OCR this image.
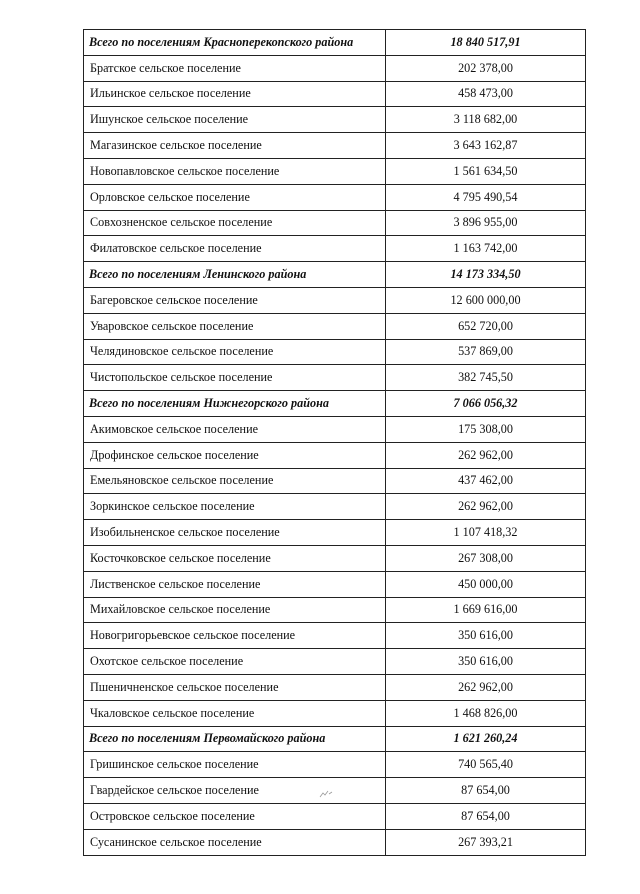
Всего по поселениям Красноперекопского района	18 840 517,91
Братское сельское поселение	202 378,00
Ильинское сельское поселение	458 473,00
Ишунское сельское поселение	3 118 682,00
Магазинское сельское поселение	3 643 162,87
Новопавловское сельское поселение	1 561 634,50
Орловское сельское поселение	4 795 490,54
Совхозненское сельское поселение	3 896 955,00
Филатовское сельское поселение	1 163 742,00
Всего по поселениям Ленинского района	14 173 334,50
Багеровское сельское поселение	12 600 000,00
Уваровское сельское поселение	652 720,00
Челядиновское сельское поселение	537 869,00
Чистопольское сельское поселение	382 745,50
Всего по поселениям Нижнегорского района	7 066 056,32
Акимовское сельское поселение	175 308,00
Дрофинское сельское поселение	262 962,00
Емельяновское сельское поселение	437 462,00
Зоркинское сельское поселение	262 962,00
Изобильненское сельское поселение	1 107 418,32
Косточковское сельское поселение	267 308,00
Лиственское сельское поселение	450 000,00
Михайловское сельское поселение	1 669 616,00
Новогригорьевское сельское поселение	350 616,00
Охотское сельское поселение	350 616,00
Пшеничненское сельское поселение	262 962,00
Чкаловское сельское поселение	1 468 826,00
Всего по поселениям Первомайского района	1 621 260,24
Гришинское сельское поселение	740 565,40
Гвардейское сельское поселение	87 654,00
Островское сельское поселение	87 654,00
Сусанинское сельское поселение	267 393,21
